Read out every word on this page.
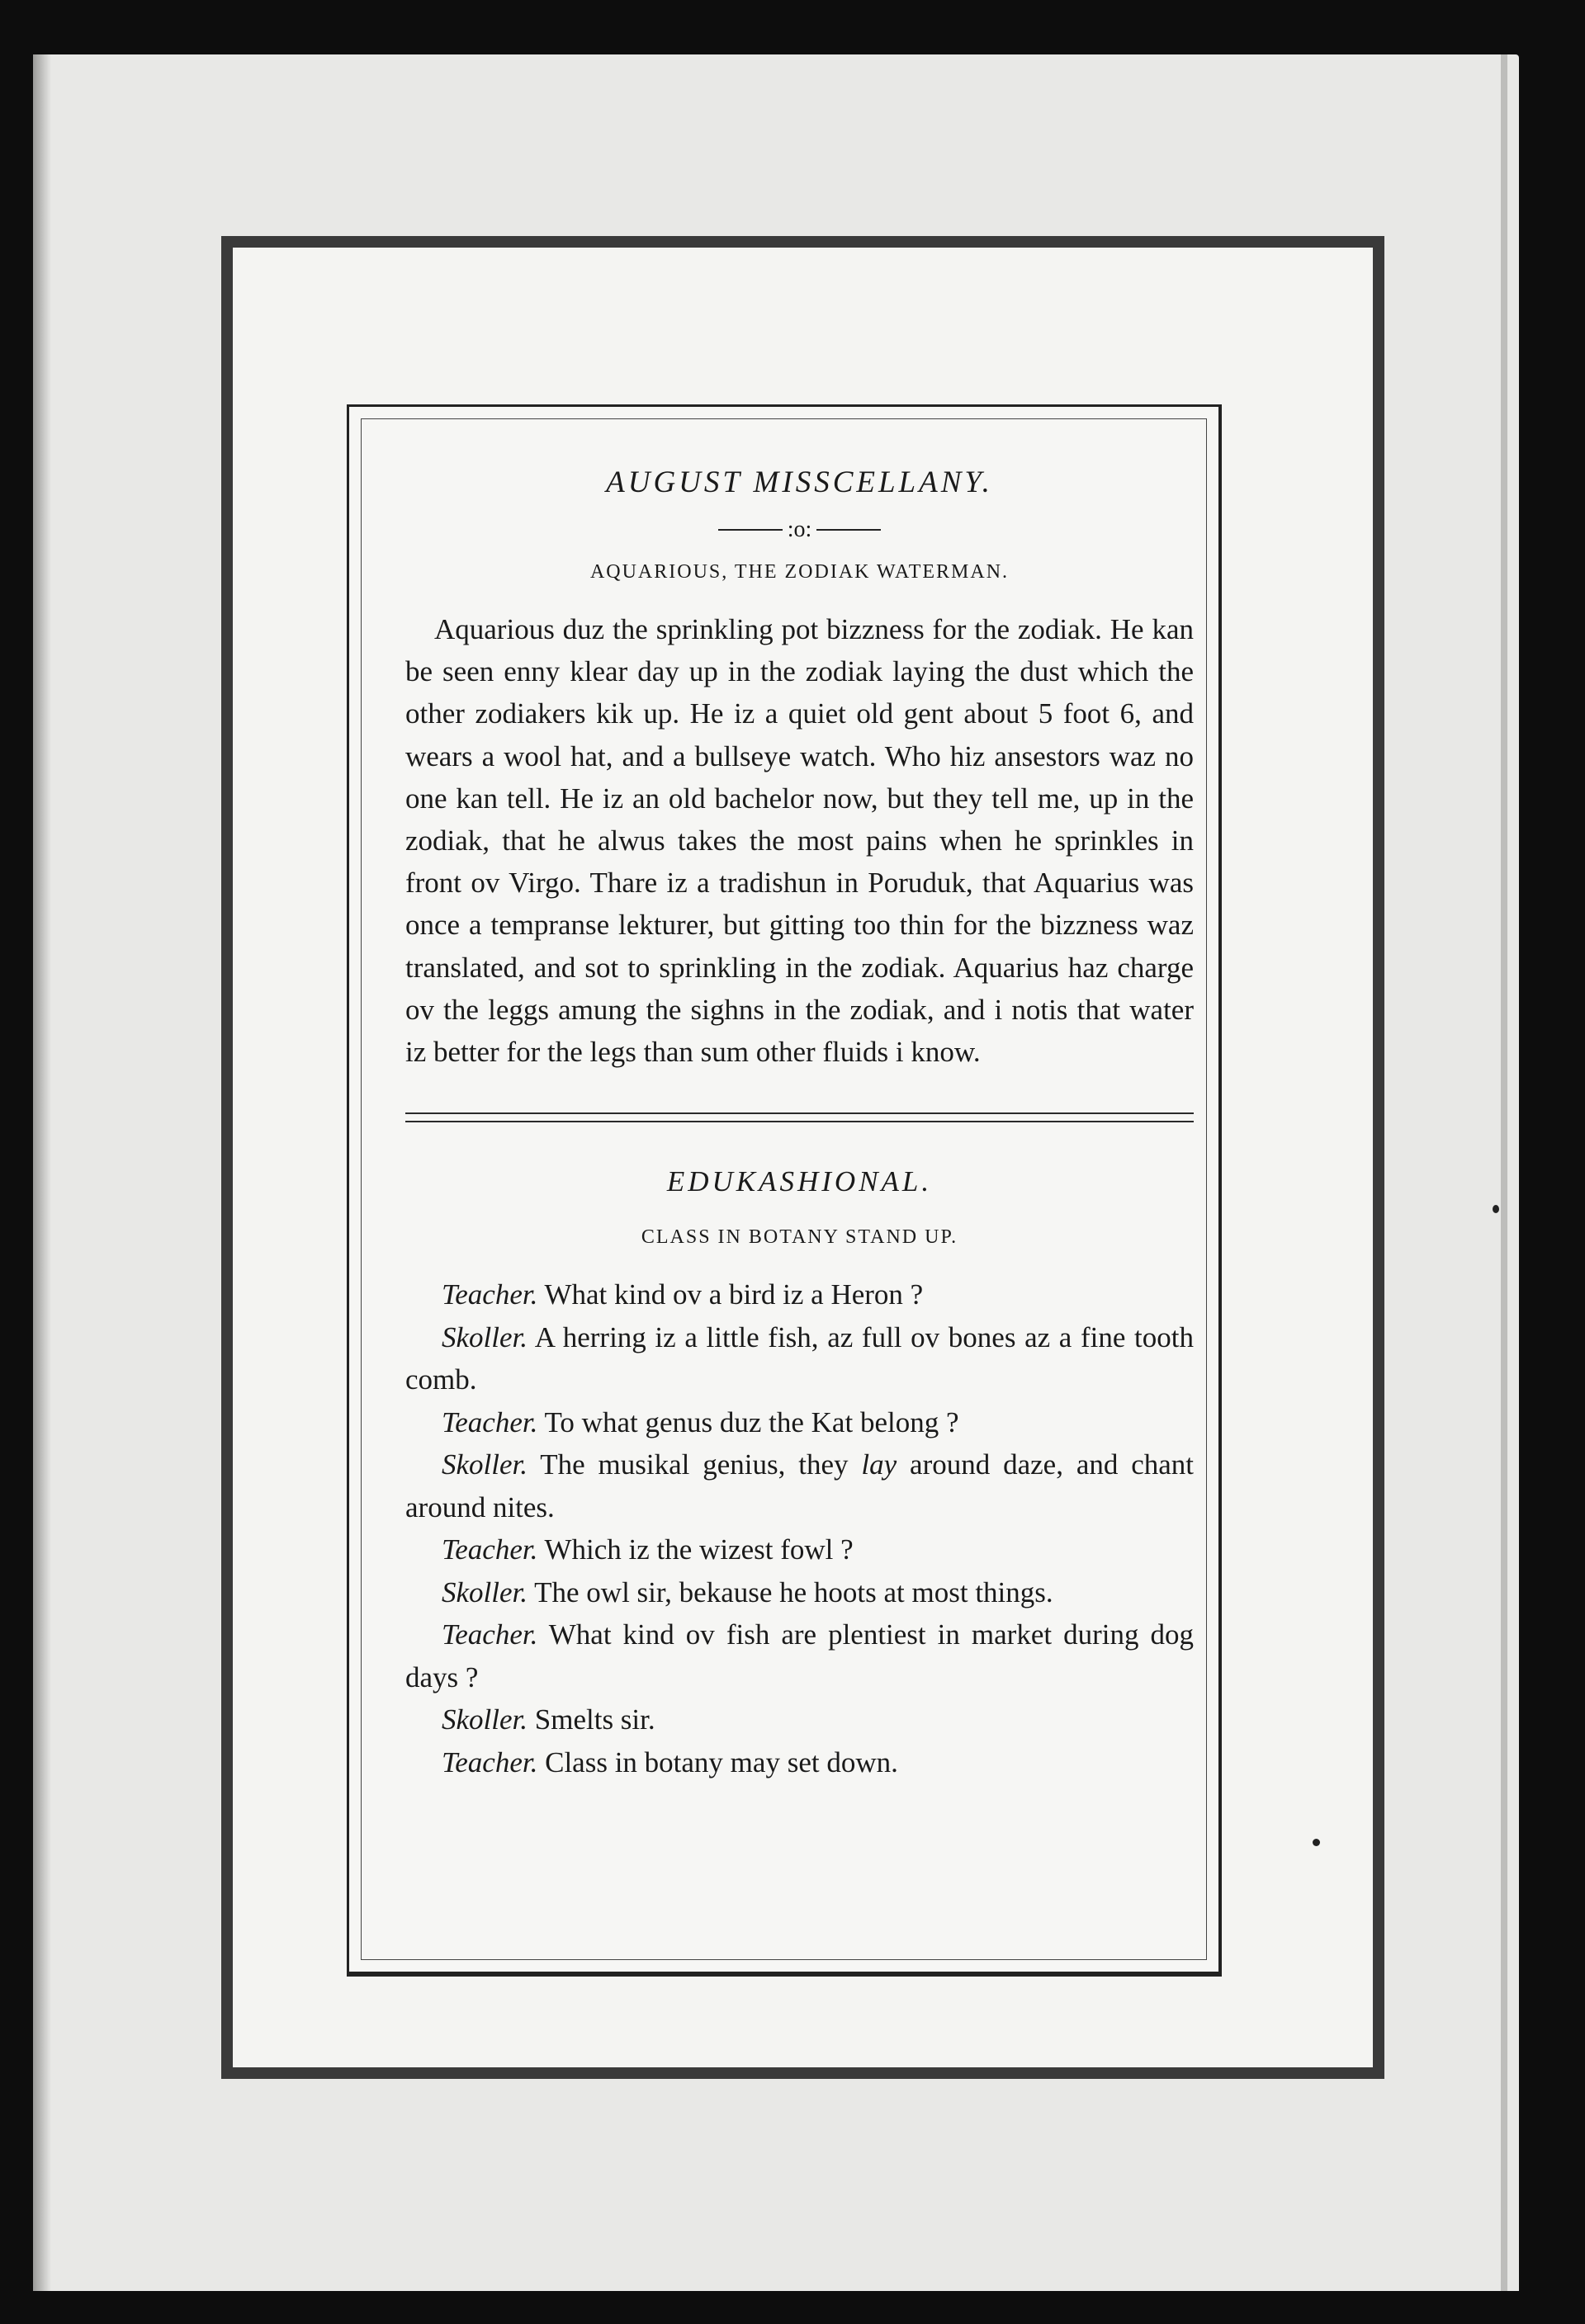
AUGUST MISSCELLANY.
:o:
AQUARIOUS, THE ZODIAK WATERMAN.
Aquarious duz the sprinkling pot bizzness for the zodiak. He kan be seen enny klear day up in the zodiak laying the dust which the other zodiakers kik up. He iz a quiet old gent about 5 foot 6, and wears a wool hat, and a bullseye watch. Who hiz ansestors waz no one kan tell. He iz an old bachelor now, but they tell me, up in the zodiak, that he alwus takes the most pains when he sprinkles in front ov Virgo. Thare iz a tradishun in Poruduk, that Aquarius was once a tempranse lekturer, but gitting too thin for the bizzness waz translated, and sot to sprinkling in the zodiak. Aquarius haz charge ov the leggs amung the sighns in the zodiak, and i notis that water iz better for the legs than sum other fluids i know.
EDUKASHIONAL.
CLASS IN BOTANY STAND UP.
Teacher. What kind ov a bird iz a Heron ?
Skoller. A herring iz a little fish, az full ov bones az a fine tooth comb.
Teacher. To what genus duz the Kat belong ?
Skoller. The musikal genius, they lay around daze, and chant around nites.
Teacher. Which iz the wizest fowl ?
Skoller. The owl sir, bekause he hoots at most things.
Teacher. What kind ov fish are plentiest in market during dog days ?
Skoller. Smelts sir.
Teacher. Class in botany may set down.
